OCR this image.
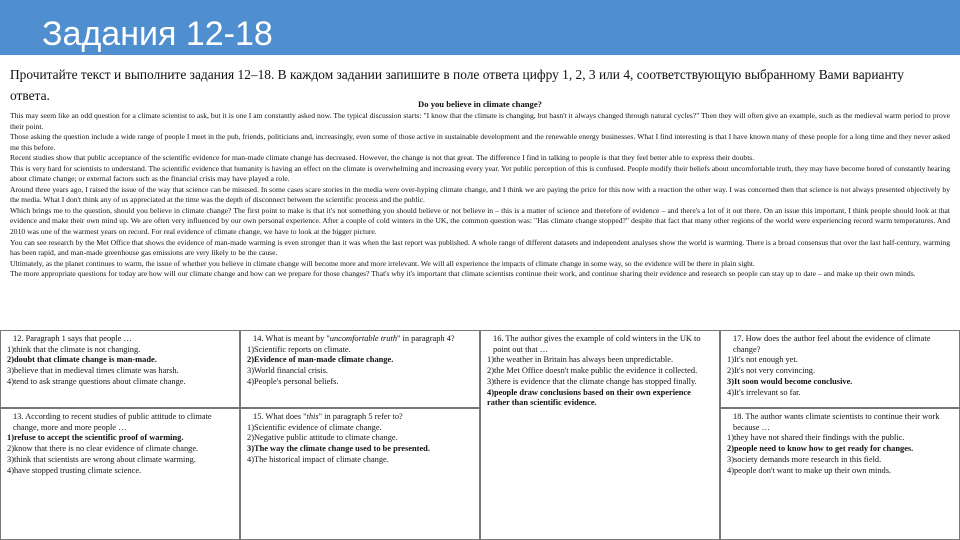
Задания 12-18
Прочитайте текст и выполните задания 12–18. В каждом задании запишите в поле ответа цифру 1, 2, 3 или 4, соответствующую выбранному Вами варианту ответа.
Do you believe in climate change?

This may seem like an odd question for a climate scientist to ask, but it is one I am constantly asked now. The typical discussion starts: "I know that the climate is changing, but hasn't it always changed through natural cycles?" Then they will often give an example, such as the medieval warm period to prove their point.

Those asking the question include a wide range of people I meet in the pub, friends, politicians and, increasingly, even some of those active in sustainable development and the renewable energy businesses. What I find interesting is that I have known many of these people for a long time and they never asked me this before.

Recent studies show that public acceptance of the scientific evidence for man-made climate change has decreased. However, the change is not that great. The difference I find in talking to people is that they feel better able to express their doubts.

This is very hard for scientists to understand. The scientific evidence that humanity is having an effect on the climate is overwhelming and increasing every year. Yet public perception of this is confused. People modify their beliefs about uncomfortable truth, they may have become bored of constantly hearing about climate change; or external factors such as the financial crisis may have played a role.

Around three years ago, I raised the issue of the way that science can be misused. In some cases scare stories in the media were over-hyping climate change, and I think we are paying the price for this now with a reaction the other way. I was concerned then that science is not always presented objectively by the media. What I don't think any of us appreciated at the time was the depth of disconnect between the scientific process and the public.

Which brings me to the question, should you believe in climate change? The first point to make is that it's not something you should believe or not believe in – this is a matter of science and therefore of evidence – and there's a lot of it out there. On an issue this important, I think people should look at that evidence and make their own mind up. We are often very influenced by our own personal experience. After a couple of cold winters in the UK, the common question was: "Has climate change stopped?" despite that fact that many other regions of the world were experiencing record warm temperatures. And 2010 was one of the warmest years on record. For real evidence of climate change, we have to look at the bigger picture.

You can see research by the Met Office that shows the evidence of man-made warming is even stronger than it was when the last report was published. A whole range of different datasets and independent analyses show the world is warming. There is a broad consensus that over the last half-century, warming has been rapid, and man-made greenhouse gas emissions are very likely to be the cause.

Ultimately, as the planet continues to warm, the issue of whether you believe in climate change will become more and more irrelevant. We will all experience the impacts of climate change in some way, so the evidence will be there in plain sight.

The more appropriate questions for today are how will our climate change and how can we prepare for those changes? That's why it's important that climate scientists continue their work, and continue sharing their evidence and research so people can stay up to date – and make up their own minds.

12. Paragraph 1 says that people …
1)think that the climate is not changing.
2)doubt that climate change is man-made.
3)believe that in medieval times climate was harsh.
4)tend to ask strange questions about climate change.
13. According to recent studies of public attitude to climate change, more and more people …
1)refuse to accept the scientific proof of warming.
2)know that there is no clear evidence of climate change.
3)think that scientists are wrong about climate warming.
4)have stopped trusting climate science.
14. What is meant by "uncomfortable truth" in paragraph 4?
1)Scientific reports on climate.
2)Evidence of man-made climate change.
3)World financial crisis.
4)People's personal beliefs.
15. What does "this" in paragraph 5 refer to?
1)Scientific evidence of climate change.
2)Negative public attitude to climate change.
3)The way the climate change used to be presented.
4)The historical impact of climate change.
16. The author gives the example of cold winters in the UK to point out that …
1)the weather in Britain has always been unpredictable.
2)the Met Office doesn't make public the evidence it collected.
3)there is evidence that the climate change has stopped finally.
4)people draw conclusions based on their own experience rather than scientific evidence.
17. How does the author feel about the evidence of climate change?
1)It's not enough yet.
2)It's not very convincing.
3)It soon would become conclusive.
4)It's irrelevant so far.
18. The author wants climate scientists to continue their work because …
1)they have not shared their findings with the public.
2)people need to know how to get ready for changes.
3)society demands more research in this field.
4)people don't want to make up their own minds.
